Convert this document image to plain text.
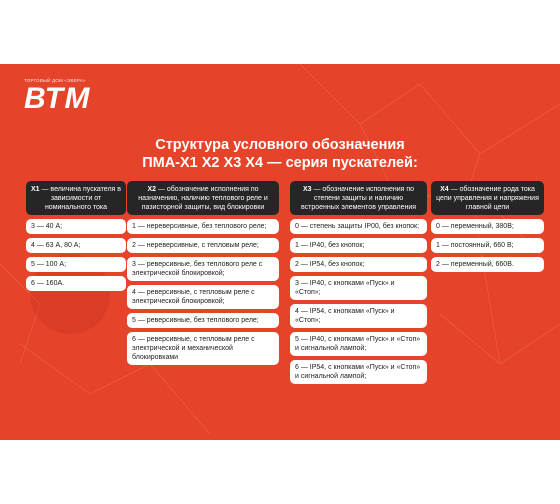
ТОРГОВЫЙ ДОМ «ЭВЕРА»
ВТМ
Структура условного обозначения
ПМА-X1 X2 X3 X4 — серия пускателей:
X1 — величина пускателя в зависимости от номинального тока
3 — 40 А;
4 — 63 А, 80 А;
5 — 100 А;
6 — 160А.
X2 — обозначение исполнения по назначению, наличию теплового реле и пазисторной защиты, вид блокировки
1 — нереверсивные, без теплового реле;
2 — нереверсивные, с тепловым реле;
3 — реверсивные, без теплового реле с электрической блокировкой;
4 — реверсивные, с тепловым реле с электрической блокировкой;
5 — реверсивные, без теплового реле;
6 — реверсивные, с тепловым реле с электрической и механической блокировками
X3 — обозначение исполнения по степени защиты и наличию встроенных элементов управления
0 — степень защиты IP00, без кнопок;
1 — IP40, без кнопок;
2 — IP54, без кнопок;
3 — IP40, с кнопками «Пуск» и «Стоп»;
4 — IP54, с кнопками «Пуск» и «Стоп»;
5 — IP40, с кнопками «Пуск» и «Стоп» и сигнальной лампой;
6 — IP54, с кнопками «Пуск» и «Стоп» и сигнальной лампой;
X4 — обозначение рода тока цепи управления и напряжения главной цепи
0 — переменный, 380В;
1 — постоянный, 660 В;
2 — переменный, 660В.
